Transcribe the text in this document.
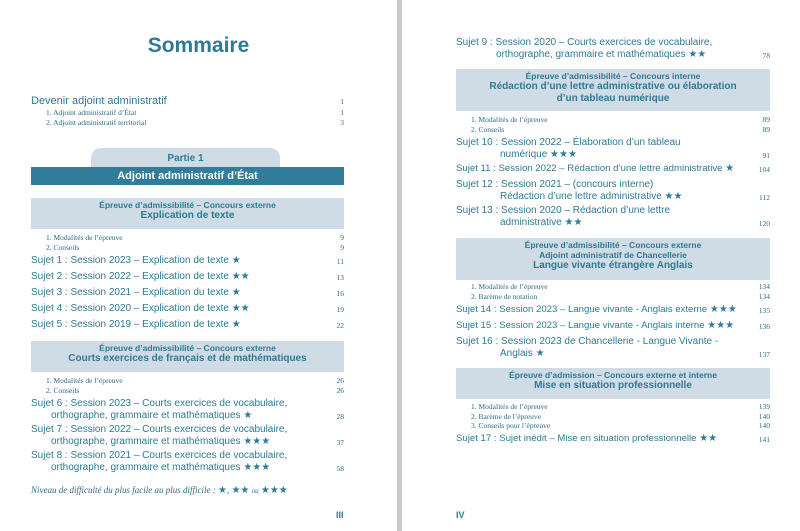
Sommaire
Devenir adjoint administratif	1
1. Adjoint administratif d’État	1
2. Adjoint administratif territorial	3
Partie 1
Adjoint administratif d’État
Épreuve d’admissibilité – Concours externe
Explication de texte
1. Modalités de l’épreuve	9
2. Conseils	9
Sujet 1 : Session 2023 – Explication de texte ★	11
Sujet 2 : Session 2022 – Explication de texte ★★	13
Sujet 3 : Session 2021 – Explication du texte ★	16
Sujet 4 : Session 2020 – Explication de texte ★★	19
Sujet 5 : Session 2019 – Explication de texte ★	22
Épreuve d’admissibilité – Concours externe
Courts exercices de français et de mathématiques
1. Modalités de l’épreuve	26
2. Conseils	26
Sujet 6 : Session 2023 – Courts exercices de vocabulaire,
orthographe, grammaire et mathématiques ★	28
Sujet 7 : Session 2022 – Courts exercices de vocabulaire,
orthographe, grammaire et mathématiques ★★★	37
Sujet 8 : Session 2021 – Courts exercices de vocabulaire,
orthographe, grammaire et mathématiques ★★★	58
Niveau de difficulté du plus facile au plus difficile : ★, ★★ ou ★★★
III
Sujet 9 : Session 2020 – Courts exercices de vocabulaire,
orthographe, grammaire et mathématiques ★★	78
Épreuve d’admissibilité – Concours interne
Rédaction d’une lettre administrative ou élaboration
d’un tableau numérique
1. Modalités de l’épreuve	89
2. Conseils	89
Sujet 10 : Session 2022 – Élaboration d’un tableau
numérique ★★★	91
Sujet 11 : Session 2022 – Rédaction d’une lettre administrative ★	104
Sujet 12 : Session 2021 – (concours interne)
Rédaction d’une lettre administrative ★★	112
Sujet 13 : Session 2020 – Rédaction d’une lettre
administrative ★★	120
Épreuve d’admissibilité – Concours externe
Adjoint administratif de Chancellerie
Langue vivante étrangère Anglais
1. Modalités de l’épreuve	134
2. Barème de notation	134
Sujet 14 : Session 2023 – Langue vivante - Anglais externe ★★★	135
Sujet 15 : Session 2023 – Langue vivante - Anglais interne ★★★	136
Sujet 16 : Session 2023 de Chancellerie - Langue Vivante -
Anglais ★	137
Épreuve d’admission – Concours externe et interne
Mise en situation professionnelle
1. Modalités de l’épreuve	139
2. Barème de l’épreuve	140
3. Conseils pour l’épreuve	140
Sujet 17 : Sujet inédit – Mise en situation professionnelle ★★	141
IV
